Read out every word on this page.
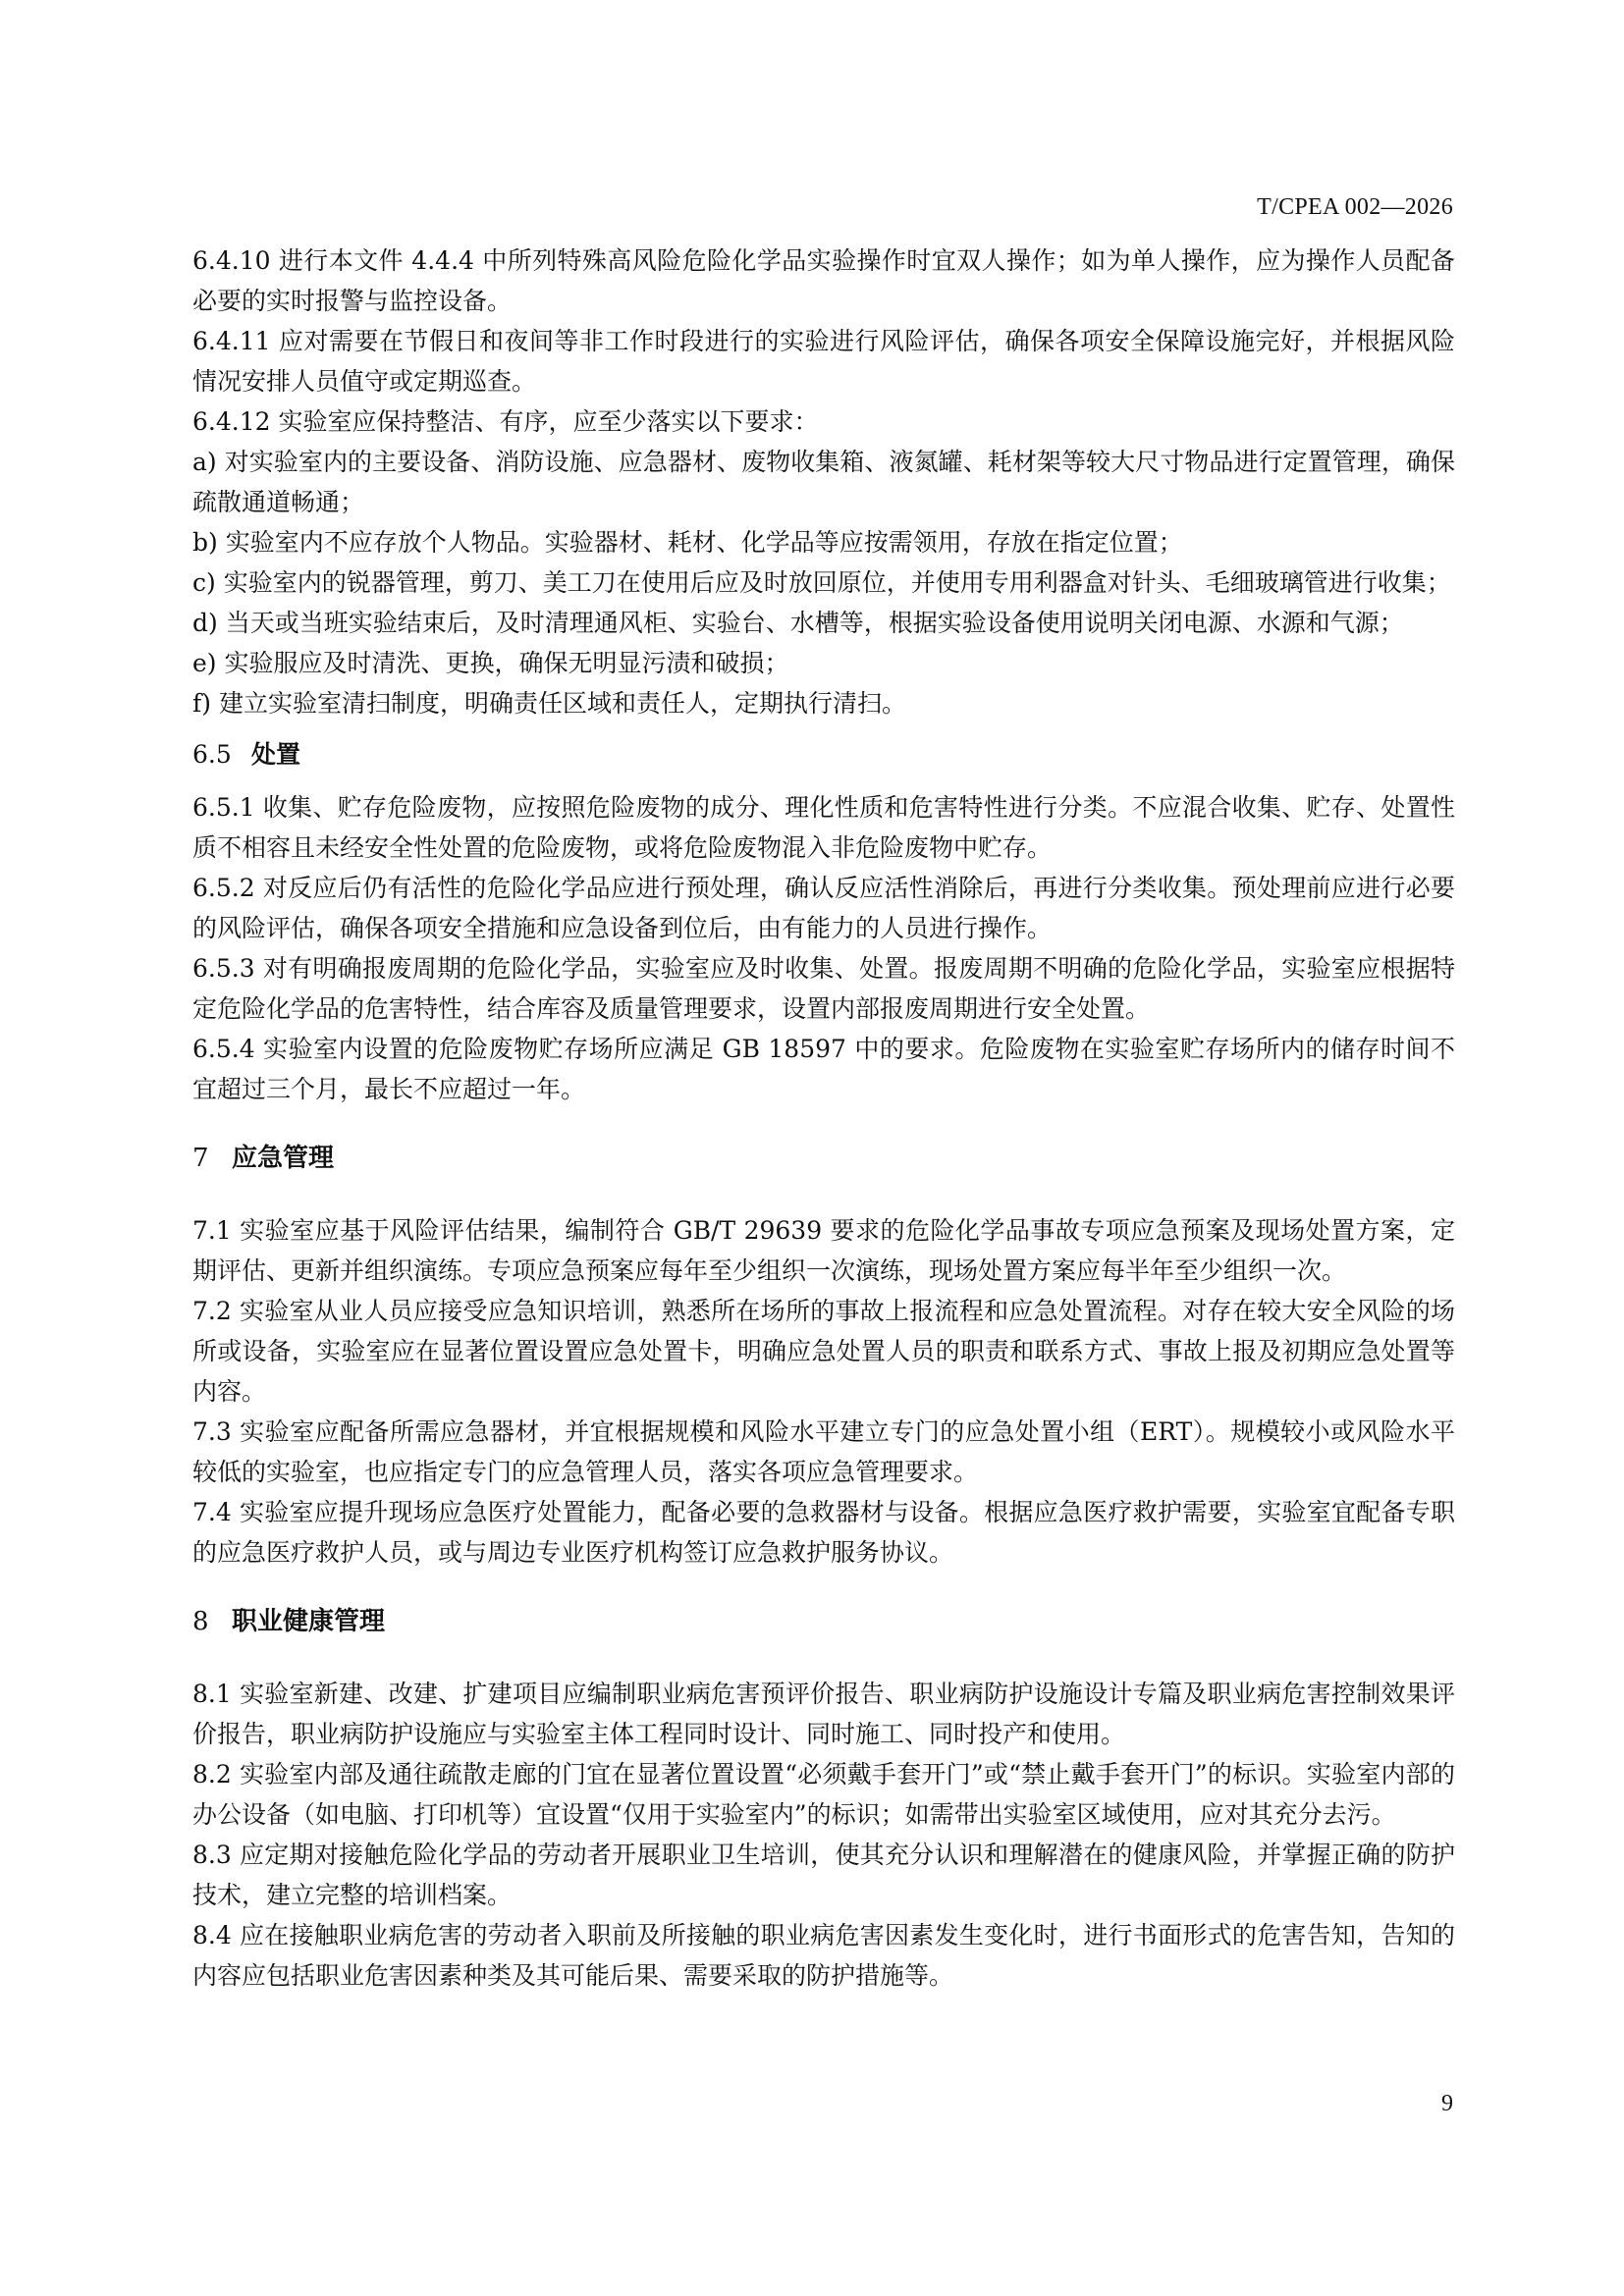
T/CPEA 002—2026

6.4.10 进行本文件 4.4.4 中所列特殊高风险危险化学品实验操作时宜双人操作；如为单人操作，应为操作人员配备必要的实时报警与监控设备。

6.4.11 应对需要在节假日和夜间等非工作时段进行的实验进行风险评估，确保各项安全保障设施完好，并根据风险情况安排人员值守或定期巡查。

6.4.12 实验室应保持整洁、有序，应至少落实以下要求：

a) 对实验室内的主要设备、消防设施、应急器材、废物收集箱、液氮罐、耗材架等较大尺寸物品进行定置管理，确保疏散通道畅通；

b) 实验室内不应存放个人物品。实验器材、耗材、化学品等应按需领用，存放在指定位置；

c) 实验室内的锐器管理，剪刀、美工刀在使用后应及时放回原位，并使用专用利器盒对针头、毛细玻璃管进行收集；

d) 当天或当班实验结束后，及时清理通风柜、实验台、水槽等，根据实验设备使用说明关闭电源、水源和气源；

e) 实验服应及时清洗、更换，确保无明显污渍和破损；

f) 建立实验室清扫制度，明确责任区域和责任人，定期执行清扫。

6.5 处置

6.5.1 收集、贮存危险废物，应按照危险废物的成分、理化性质和危害特性进行分类。不应混合收集、贮存、处置性质不相容且未经安全性处置的危险废物，或将危险废物混入非危险废物中贮存。

6.5.2 对反应后仍有活性的危险化学品应进行预处理，确认反应活性消除后，再进行分类收集。预处理前应进行必要的风险评估，确保各项安全措施和应急设备到位后，由有能力的人员进行操作。

6.5.3 对有明确报废周期的危险化学品，实验室应及时收集、处置。报废周期不明确的危险化学品，实验室应根据特定危险化学品的危害特性，结合库容及质量管理要求，设置内部报废周期进行安全处置。

6.5.4 实验室内设置的危险废物贮存场所应满足 GB 18597 中的要求。危险废物在实验室贮存场所内的储存时间不宜超过三个月，最长不应超过一年。

7 应急管理

7.1 实验室应基于风险评估结果，编制符合 GB/T 29639 要求的危险化学品事故专项应急预案及现场处置方案，定期评估、更新并组织演练。专项应急预案应每年至少组织一次演练，现场处置方案应每半年至少组织一次。

7.2 实验室从业人员应接受应急知识培训，熟悉所在场所的事故上报流程和应急处置流程。对存在较大安全风险的场所或设备，实验室应在显著位置设置应急处置卡，明确应急处置人员的职责和联系方式、事故上报及初期应急处置等内容。

7.3 实验室应配备所需应急器材，并宜根据规模和风险水平建立专门的应急处置小组（ERT）。规模较小或风险水平较低的实验室，也应指定专门的应急管理人员，落实各项应急管理要求。

7.4 实验室应提升现场应急医疗处置能力，配备必要的急救器材与设备。根据应急医疗救护需要，实验室宜配备专职的应急医疗救护人员，或与周边专业医疗机构签订应急救护服务协议。

8 职业健康管理

8.1 实验室新建、改建、扩建项目应编制职业病危害预评价报告、职业病防护设施设计专篇及职业病危害控制效果评价报告，职业病防护设施应与实验室主体工程同时设计、同时施工、同时投产和使用。

8.2 实验室内部及通往疏散走廊的门宜在显著位置设置“必须戴手套开门”或“禁止戴手套开门”的标识。实验室内部的办公设备（如电脑、打印机等）宜设置“仅用于实验室内”的标识；如需带出实验室区域使用，应对其充分去污。

8.3 应定期对接触危险化学品的劳动者开展职业卫生培训，使其充分认识和理解潜在的健康风险，并掌握正确的防护技术，建立完整的培训档案。

8.4 应在接触职业病危害的劳动者入职前及所接触的职业病危害因素发生变化时，进行书面形式的危害告知，告知的内容应包括职业危害因素种类及其可能后果、需要采取的防护措施等。

9
